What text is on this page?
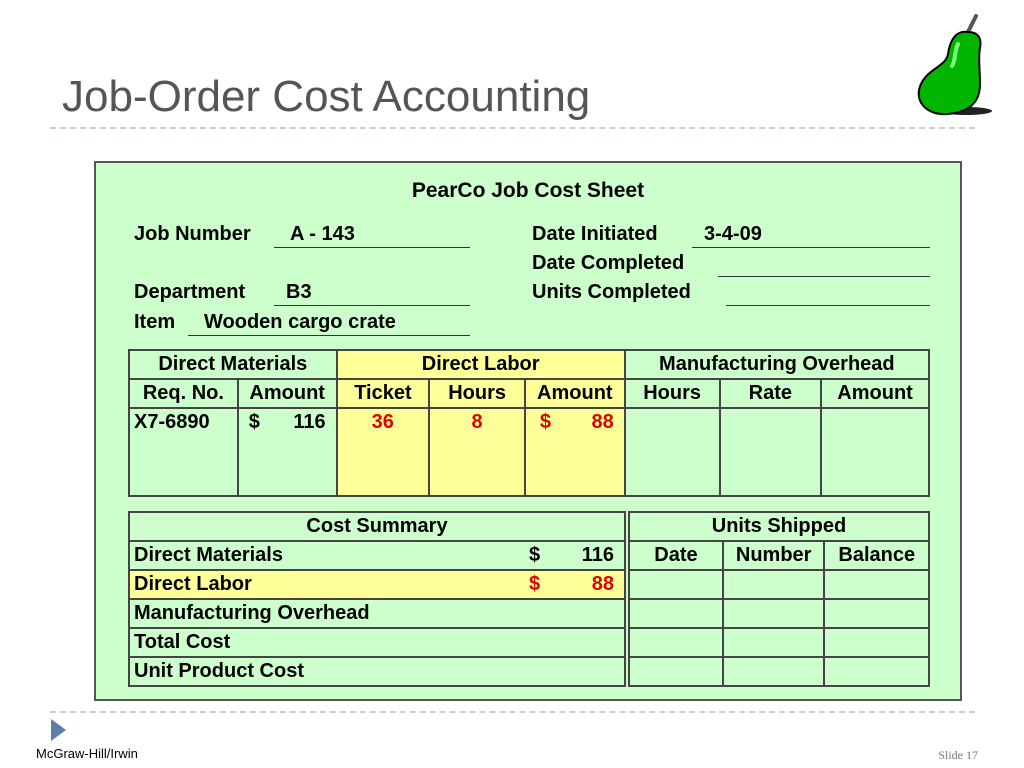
Job-Order Cost Accounting
PearCo Job Cost Sheet
Job Number A - 143
Department B3
Item Wooden cargo crate
Date Initiated 3-4-09
Date Completed
Units Completed
Direct Materials		Direct Labor			Manufacturing Overhead		
Req. No.	Amount	Ticket	Hours	Amount	Hours	Rate	Amount
X7-6890	$ 116	36	8	$ 88			

Cost Summary	
Direct Materials	$ 116

Direct Labor	$ 88

Manufacturing Overhead	
Total Cost	
Unit Product Cost	
Units Shipped		
Date	Number	Balance

McGraw-Hill/Irwin	Slide 17
